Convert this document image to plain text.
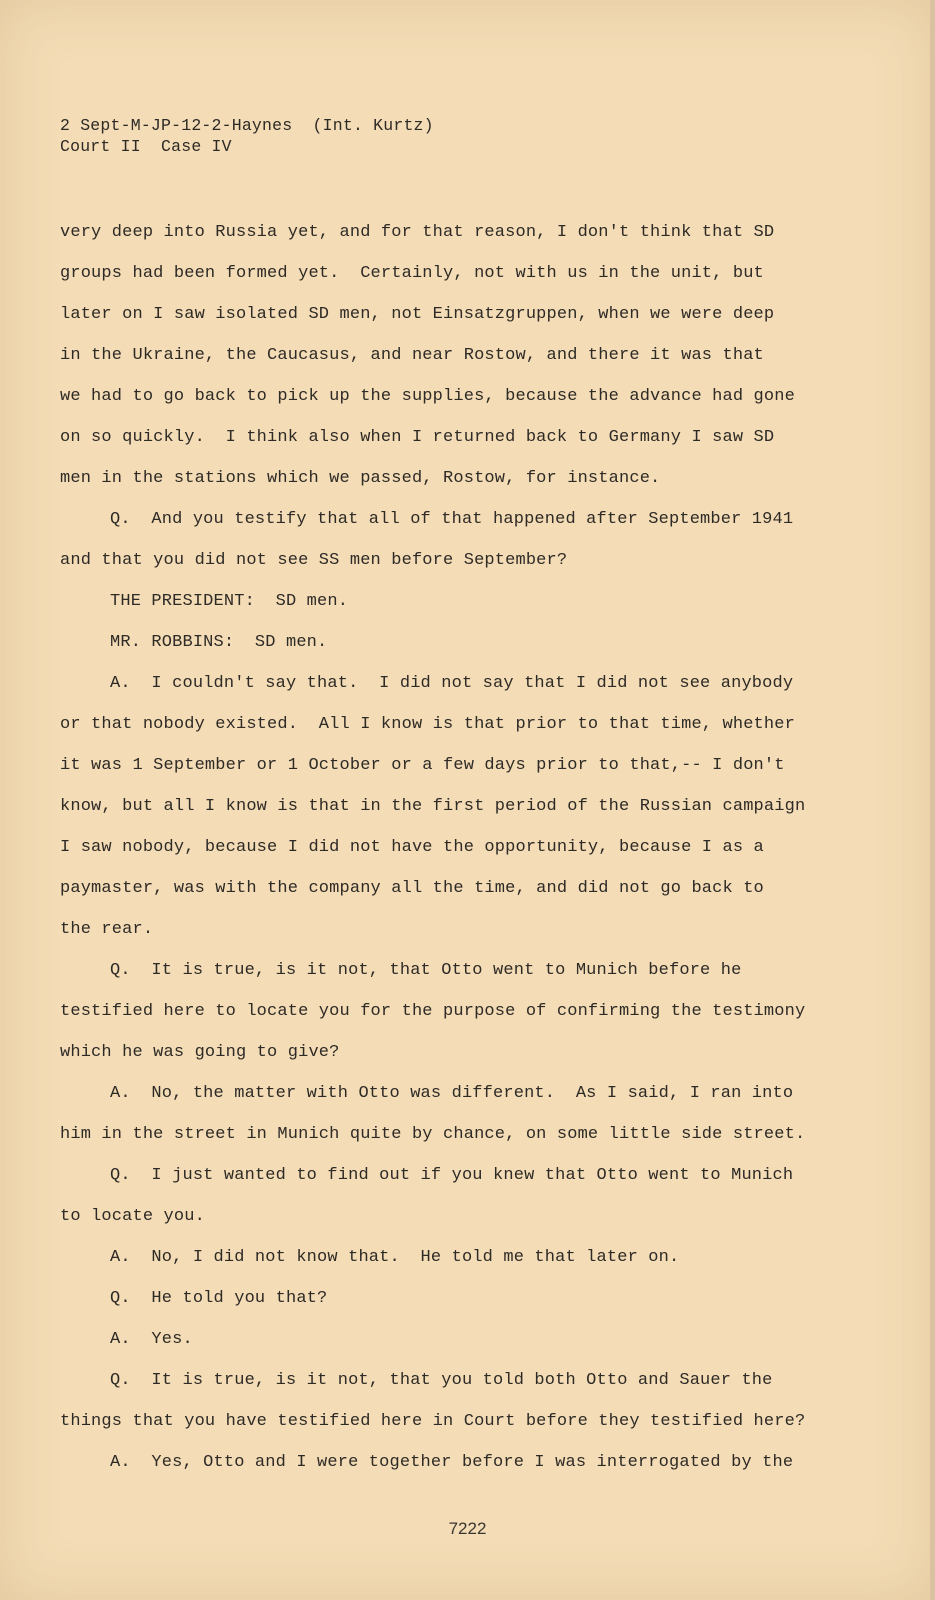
2 Sept-M-JP-12-2-Haynes  (Int. Kurtz)
Court II  Case IV
very deep into Russia yet, and for that reason, I don't think that SD
groups had been formed yet.  Certainly, not with us in the unit, but
later on I saw isolated SD men, not Einsatzgruppen, when we were deep
in the Ukraine, the Caucasus, and near Rostow, and there it was that
we had to go back to pick up the supplies, because the advance had gone
on so quickly.  I think also when I returned back to Germany I saw SD
men in the stations which we passed, Rostow, for instance.
Q.  And you testify that all of that happened after September 1941
and that you did not see SS men before September?
THE PRESIDENT:  SD men.
MR. ROBBINS:  SD men.
A.  I couldn't say that.  I did not say that I did not see anybody
or that nobody existed.  All I know is that prior to that time, whether
it was 1 September or 1 October or a few days prior to that,-- I don't
know, but all I know is that in the first period of the Russian campaign
I saw nobody, because I did not have the opportunity, because I as a
paymaster, was with the company all the time, and did not go back to
the rear.
Q.  It is true, is it not, that Otto went to Munich before he
testified here to locate you for the purpose of confirming the testimony
which he was going to give?
A.  No, the matter with Otto was different.  As I said, I ran into
him in the street in Munich quite by chance, on some little side street.
Q.  I just wanted to find out if you knew that Otto went to Munich
to locate you.
A.  No, I did not know that.  He told me that later on.
Q.  He told you that?
A.  Yes.
Q.  It is true, is it not, that you told both Otto and Sauer the
things that you have testified here in Court before they testified here?
A.  Yes, Otto and I were together before I was interrogated by the
7222
